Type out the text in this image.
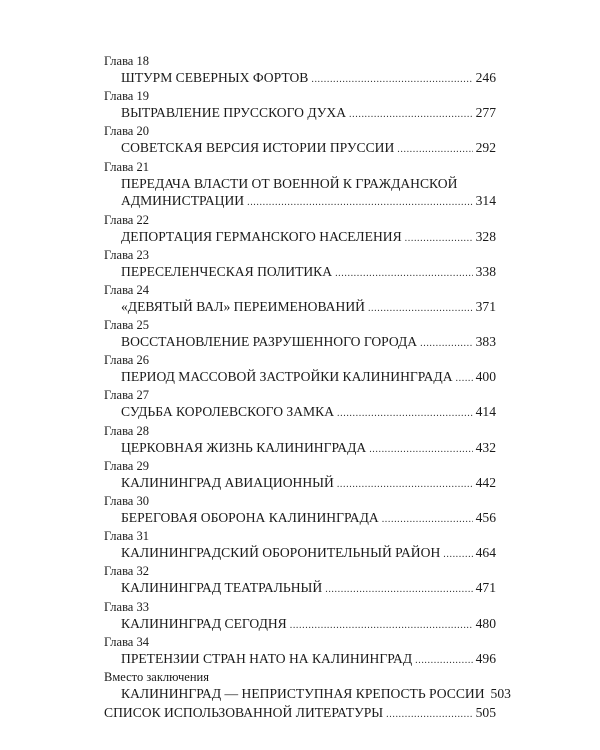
Глава 18
ШТУРМ СЕВЕРНЫХ ФОРТОВ .....	246
Глава 19
ВЫТРАВЛЕНИЕ ПРУССКОГО ДУХА .....	277
Глава 20
СОВЕТСКАЯ ВЕРСИЯ ИСТОРИИ ПРУССИИ .....	292
Глава 21
ПЕРЕДАЧА ВЛАСТИ ОТ ВОЕННОЙ К ГРАЖДАНСКОЙ
АДМИНИСТРАЦИИ .....	314
Глава 22
ДЕПОРТАЦИЯ ГЕРМАНСКОГО НАСЕЛЕНИЯ .....	328
Глава 23
ПЕРЕСЕЛЕНЧЕСКАЯ ПОЛИТИКА .....	338
Глава 24
«ДЕВЯТЫЙ ВАЛ» ПЕРЕИМЕНОВАНИЙ .....	371
Глава 25
ВОССТАНОВЛЕНИЕ РАЗРУШЕННОГО ГОРОДА .....	383
Глава 26
ПЕРИОД МАССОВОЙ ЗАСТРОЙКИ КАЛИНИНГРАДА ..... 400
Глава 27
СУДЬБА КОРОЛЕВСКОГО ЗАМКА .....	414
Глава 28
ЦЕРКОВНАЯ ЖИЗНЬ КАЛИНИНГРАДА .....	432
Глава 29
КАЛИНИНГРАД АВИАЦИОННЫЙ .....	442
Глава 30
БЕРЕГОВАЯ ОБОРОНА КАЛИНИНГРАДА .....	456
Глава 31
КАЛИНИНГРАДСКИЙ ОБОРОНИТЕЛЬНЫЙ РАЙОН .....	464
Глава 32
КАЛИНИНГРАД ТЕАТРАЛЬНЫЙ .....	471
Глава 33
КАЛИНИНГРАД СЕГОДНЯ .....	480
Глава 34
ПРЕТЕНЗИИ СТРАН НАТО НА КАЛИНИНГРАД .....	496
Вместо заключения
КАЛИНИНГРАД — НЕПРИСТУПНАЯ КРЕПОСТЬ РОССИИ 503
СПИСОК ИСПОЛЬЗОВАННОЙ ЛИТЕРАТУРЫ .....	505
